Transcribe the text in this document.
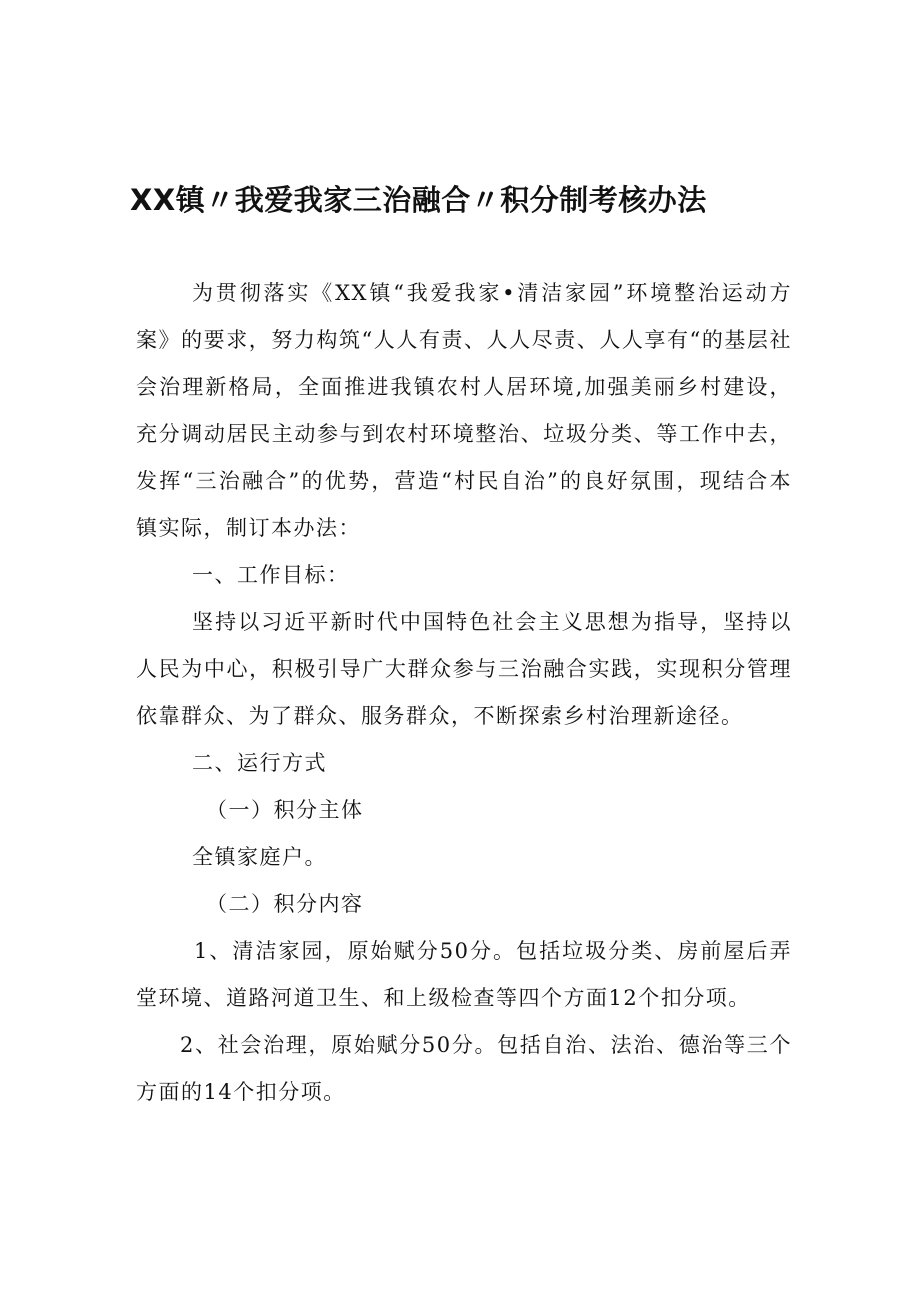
XX镇〃我爱我家三治融合〃积分制考核办法

为贯彻落实《XX镇“我爱我家•清洁家园”环境整治运动方案》的要求，努力构筑“人人有责、人人尽责、人人享有“的基层社会治理新格局，全面推进我镇农村人居环境,加强美丽乡村建设，充分调动居民主动参与到农村环境整治、垃圾分类、等工作中去，发挥“三治融合”的优势，营造“村民自治”的良好氛围，现结合本镇实际，制订本办法：

一、工作目标：

坚持以习近平新时代中国特色社会主义思想为指导，坚持以人民为中心，积极引导广大群众参与三治融合实践，实现积分管理依靠群众、为了群众、服务群众，不断探索乡村治理新途径。

二、运行方式

（一）积分主体

全镇家庭户。

（二）积分内容

1、清洁家园，原始赋分50分。包括垃圾分类、房前屋后弄堂环境、道路河道卫生、和上级检查等四个方面12个扣分项。

2、社会治理，原始赋分50分。包括自治、法治、德治等三个方面的14个扣分项。
